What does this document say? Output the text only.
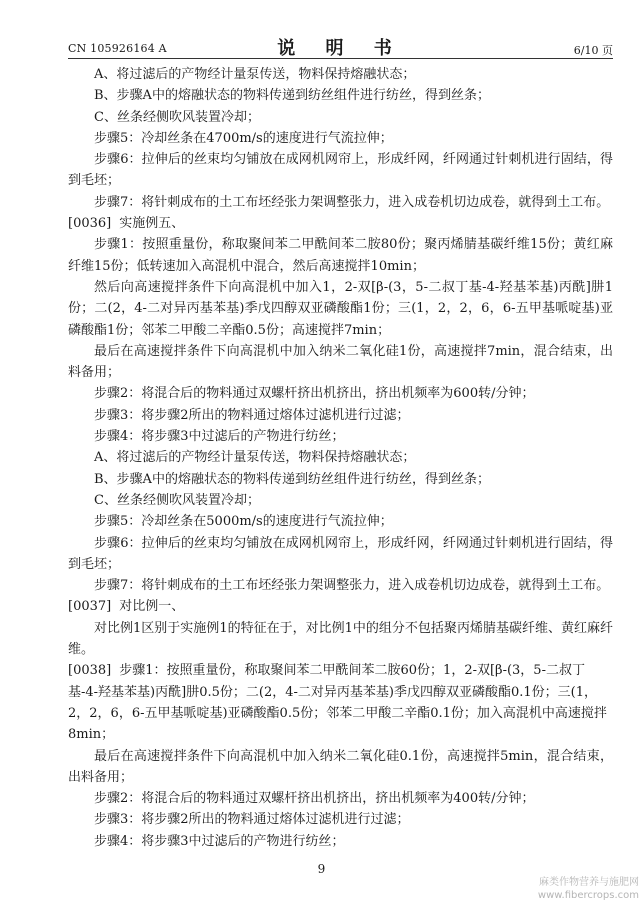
CN 105926164 A	说 明 书	6/10 页

A、将过滤后的产物经计量泵传送，物料保持熔融状态；

B、步骤A中的熔融状态的物料传递到纺丝组件进行纺丝，得到丝条；

C、丝条经侧吹风装置冷却；

步骤5：冷却丝条在4700m/s的速度进行气流拉伸；

步骤6：拉伸后的丝束均匀铺放在成网机网帘上，形成纤网，纤网通过针刺机进行固结，得到毛坯；

步骤7：将针刺成布的土工布坯经张力架调整张力，进入成卷机切边成卷，就得到土工布。

[0036] 实施例五、

步骤1：按照重量份，称取聚间苯二甲酰间苯二胺80份；聚丙烯腈基碳纤维15份；黄红麻纤维15份；低转速加入高混机中混合，然后高速搅拌10min；

然后向高速搅拌条件下向高混机中加入1，2-双[β-(3，5-二叔丁基-4-羟基苯基)丙酰]肼1份；二(2，4-二对异丙基苯基)季戊四醇双亚磷酸酯1份；三(1，2，2，6，6-五甲基哌啶基)亚磷酸酯1份；邻苯二甲酸二辛酯0.5份；高速搅拌7min；

最后在高速搅拌条件下向高混机中加入纳米二氧化硅1份，高速搅拌7min，混合结束，出料备用；

步骤2：将混合后的物料通过双螺杆挤出机挤出，挤出机频率为600转/分钟；

步骤3：将步骤2所出的物料通过熔体过滤机进行过滤；

步骤4：将步骤3中过滤后的产物进行纺丝；

A、将过滤后的产物经计量泵传送，物料保持熔融状态；

B、步骤A中的熔融状态的物料传递到纺丝组件进行纺丝，得到丝条；

C、丝条经侧吹风装置冷却；

步骤5：冷却丝条在5000m/s的速度进行气流拉伸；

步骤6：拉伸后的丝束均匀铺放在成网机网帘上，形成纤网，纤网通过针刺机进行固结，得到毛坯；

步骤7：将针刺成布的土工布坯经张力架调整张力，进入成卷机切边成卷，就得到土工布。

[0037] 对比例一、

对比例1区别于实施例1的特征在于，对比例1中的组分不包括聚丙烯腈基碳纤维、黄红麻纤维。

[0038] 步骤1：按照重量份，称取聚间苯二甲酰间苯二胺60份；1，2-双[β-(3，5-二叔丁基-4-羟基苯基)丙酰]肼0.5份；二(2，4-二对异丙基苯基)季戊四醇双亚磷酸酯0.1份；三(1，2，2，6，6-五甲基哌啶基)亚磷酸酯0.5份；邻苯二甲酸二辛酯0.1份；加入高混机中高速搅拌8min；

最后在高速搅拌条件下向高混机中加入纳米二氧化硅0.1份，高速搅拌5min，混合结束，出料备用；

步骤2：将混合后的物料通过双螺杆挤出机挤出，挤出机频率为400转/分钟；

步骤3：将步骤2所出的物料通过熔体过滤机进行过滤；

步骤4：将步骤3中过滤后的产物进行纺丝；

9
麻类作物营养与施肥网
www.fibercrops.com
